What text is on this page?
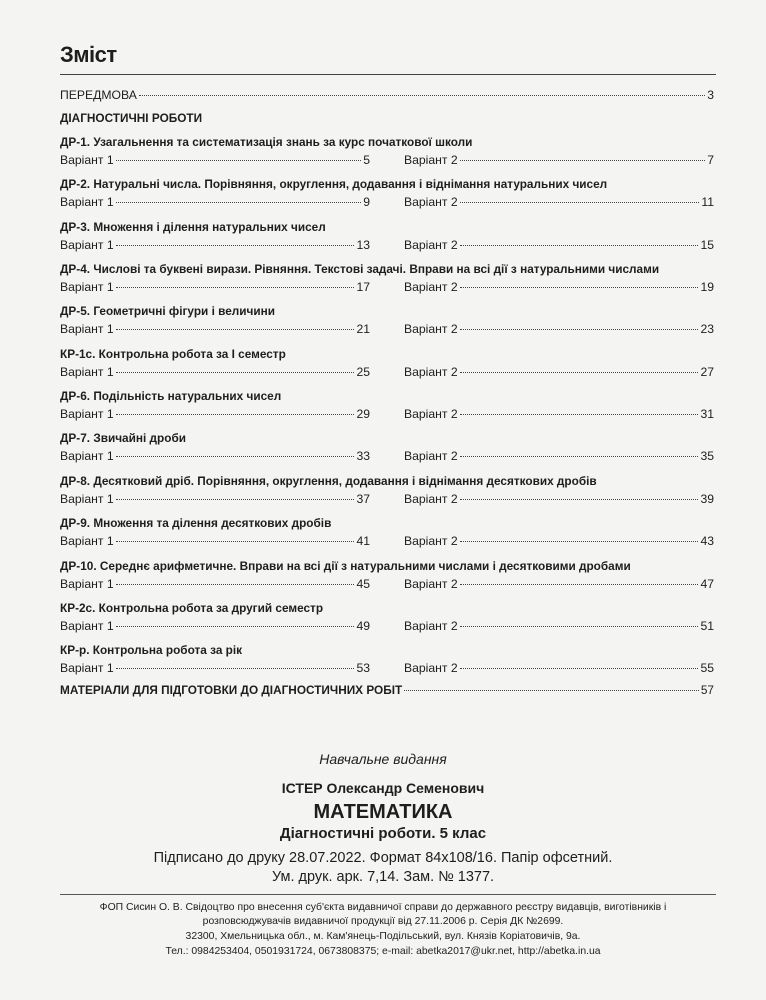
Зміст
ПЕРЕДМОВА	3
ДІАГНОСТИЧНІ РОБОТИ
ДР-1. Узагальнення та систематизація знань за курс початкової школи
Варіант 1	5	Варіант 2	7
ДР-2. Натуральні числа. Порівняння, округлення, додавання і віднімання натуральних чисел
Варіант 1	9	Варіант 2	11
ДР-3. Множення і ділення натуральних чисел
Варіант 1	13	Варіант 2	15
ДР-4. Числові та буквені вирази. Рівняння. Текстові задачі. Вправи на всі дії з натуральними числами
Варіант 1	17	Варіант 2	19
ДР-5. Геометричні фігури і величини
Варіант 1	21	Варіант 2	23
КР-1с. Контрольна робота за I семестр
Варіант 1	25	Варіант 2	27
ДР-6. Подільність натуральних чисел
Варіант 1	29	Варіант 2	31
ДР-7. Звичайні дроби
Варіант 1	33	Варіант 2	35
ДР-8. Десятковий дріб. Порівняння, округлення, додавання і віднімання десяткових дробів
Варіант 1	37	Варіант 2	39
ДР-9. Множення та ділення десяткових дробів
Варіант 1	41	Варіант 2	43
ДР-10. Середнє арифметичне. Вправи на всі дії з натуральними числами і десятковими дробами
Варіант 1	45	Варіант 2	47
КР-2с. Контрольна робота за другий семестр
Варіант 1	49	Варіант 2	51
КР-р. Контрольна робота за рік
Варіант 1	53	Варіант 2	55
МАТЕРІАЛИ ДЛЯ ПІДГОТОВКИ ДО ДІАГНОСТИЧНИХ РОБІТ	57
Навчальне видання
ІСТЕР Олександр Семенович
МАТЕМАТИКА
Діагностичні роботи. 5 клас
Підписано до друку 28.07.2022. Формат 84х108/16. Папір офсетний.
Ум. друк. арк. 7,14. Зам. № 1377.
ФОП Сисин О. В. Свідоцтво про внесення суб'єкта видавничої справи до державного реєстру видавців, виготівників і
розповсюджувачів видавничої продукції від 27.11.2006 р. Серія ДК №2699.
32300, Хмельницька обл., м. Кам'янець-Подільський, вул. Князів Коріатовичів, 9а.
Тел.: 0984253404, 0501931724, 0673808375; e-mail: abetka2017@ukr.net, http://abetka.in.ua
